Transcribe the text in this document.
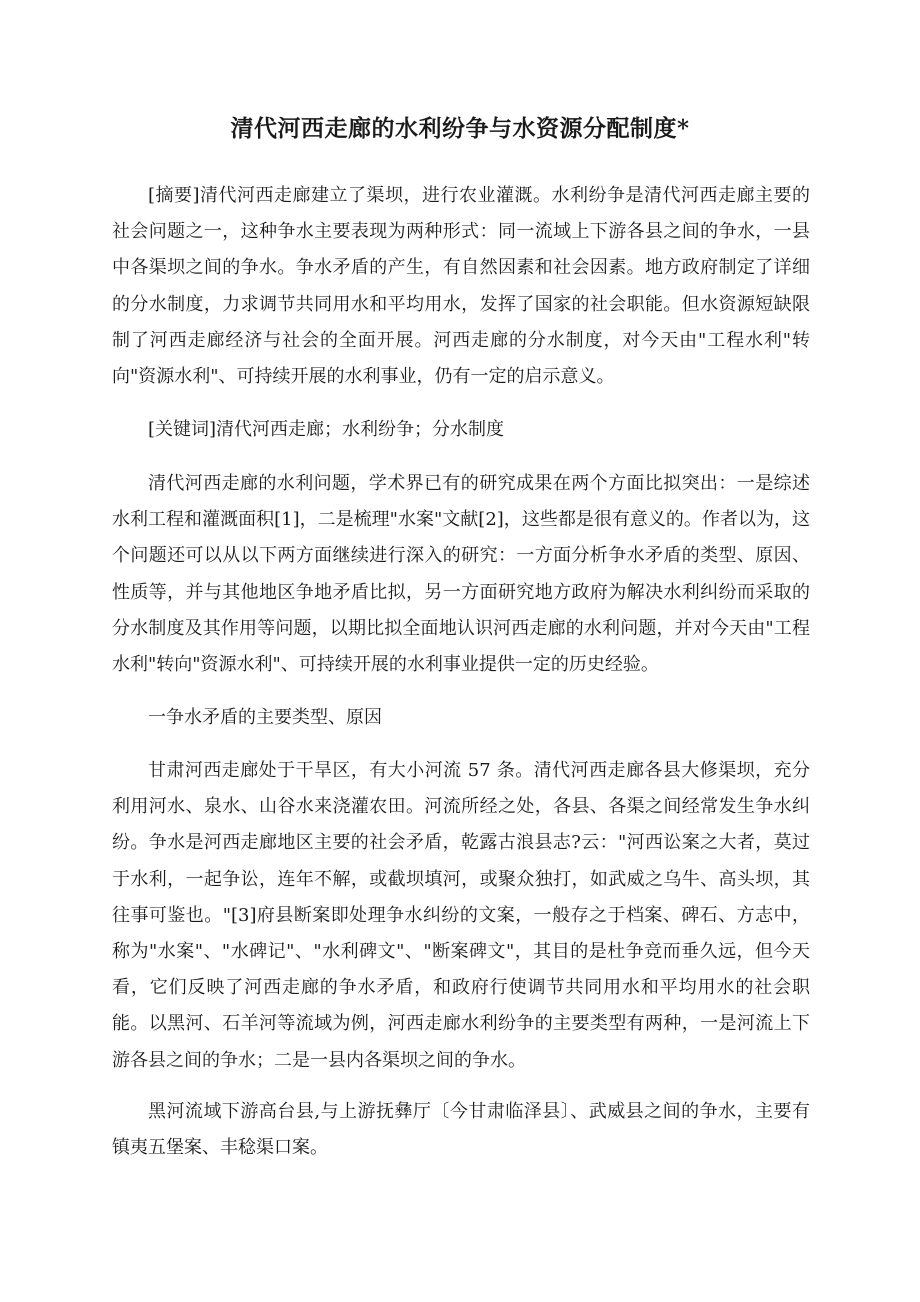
清代河西走廊的水利纷争与水资源分配制度*

[摘要]清代河西走廊建立了渠坝，进行农业灌溉。水利纷争是清代河西走廊主要的社会问题之一，这种争水主要表现为两种形式：同一流域上下游各县之间的争水，一县中各渠坝之间的争水。争水矛盾的产生，有自然因素和社会因素。地方政府制定了详细的分水制度，力求调节共同用水和平均用水，发挥了国家的社会职能。但水资源短缺限制了河西走廊经济与社会的全面开展。河西走廊的分水制度，对今天由"工程水利"转向"资源水利"、可持续开展的水利事业，仍有一定的启示意义。

[关键词]清代河西走廊；水利纷争；分水制度

清代河西走廊的水利问题，学术界已有的研究成果在两个方面比拟突出：一是综述水利工程和灌溉面积[1]，二是梳理"水案"文献[2]，这些都是很有意义的。作者以为，这个问题还可以从以下两方面继续进行深入的研究：一方面分析争水矛盾的类型、原因、性质等，并与其他地区争地矛盾比拟，另一方面研究地方政府为解决水利纠纷而采取的分水制度及其作用等问题，以期比拟全面地认识河西走廊的水利问题，并对今天由"工程水利"转向"资源水利"、可持续开展的水利事业提供一定的历史经验。

一争水矛盾的主要类型、原因

甘肃河西走廊处于干旱区，有大小河流 57 条。清代河西走廊各县大修渠坝，充分利用河水、泉水、山谷水来浇灌农田。河流所经之处，各县、各渠之间经常发生争水纠纷。争水是河西走廊地区主要的社会矛盾，乾露古浪县志?云："河西讼案之大者，莫过于水利，一起争讼，连年不解，或截坝填河，或聚众独打，如武威之乌牛、高头坝，其往事可鉴也。"[3]府县断案即处理争水纠纷的文案，一般存之于档案、碑石、方志中，称为"水案"、"水碑记"、"水利碑文"、"断案碑文"，其目的是杜争竞而垂久远，但今天看，它们反映了河西走廊的争水矛盾，和政府行使调节共同用水和平均用水的社会职能。以黑河、石羊河等流域为例，河西走廊水利纷争的主要类型有两种，一是河流上下游各县之间的争水；二是一县内各渠坝之间的争水。

黑河流域下游高台县,与上游抚彝厅〔今甘肃临泽县〕、武威县之间的争水，主要有镇夷五堡案、丰稔渠口案。
